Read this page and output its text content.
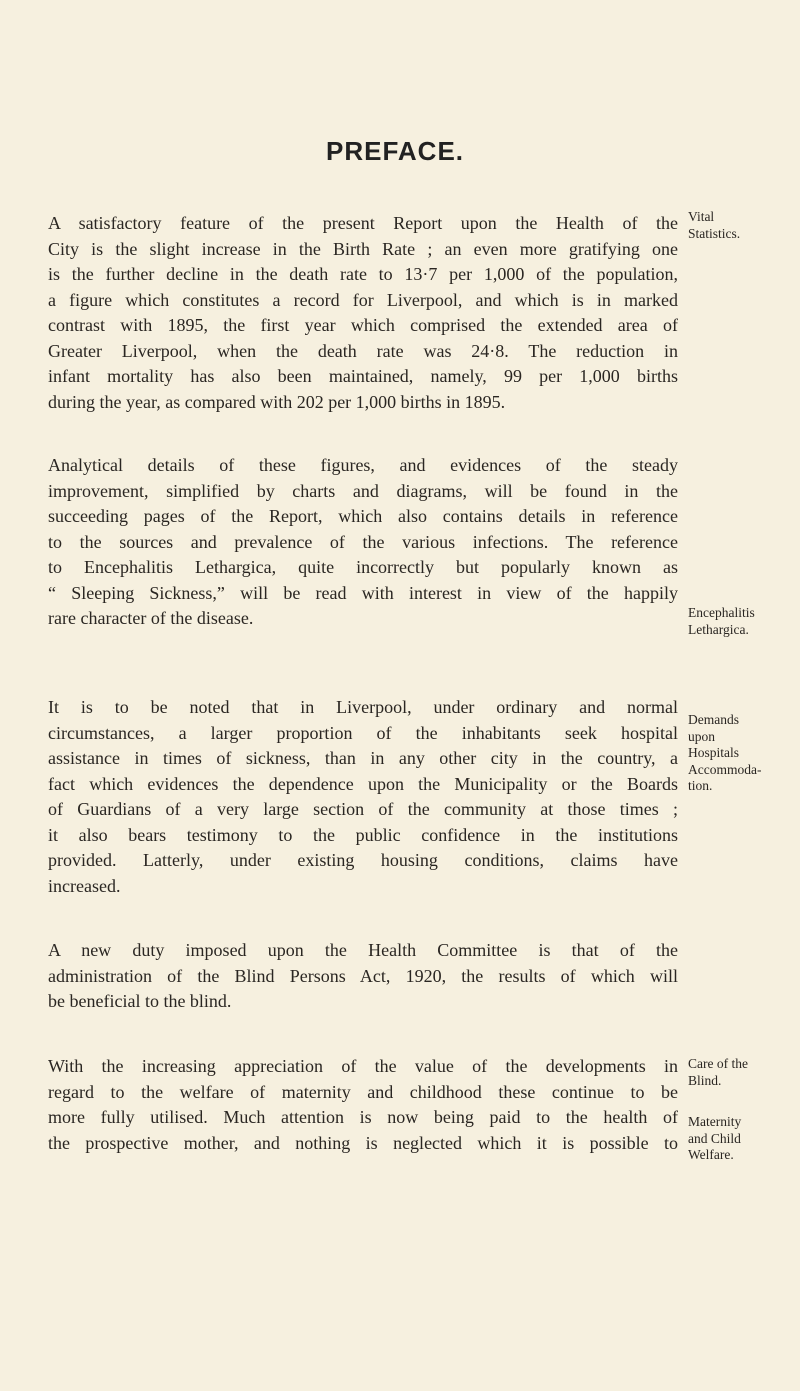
PREFACE.
A satisfactory feature of the present Report upon the Health of the
City is the slight increase in the Birth Rate ; an even more gratifying one
is the further decline in the death rate to 13·7 per 1,000 of the population,
a figure which constitutes a record for Liverpool, and which is in marked
contrast with 1895, the first year which comprised the extended area of
Greater Liverpool, when the death rate was 24·8. The reduction in
infant mortality has also been maintained, namely, 99 per 1,000 births
during the year, as compared with 202 per 1,000 births in 1895.
Analytical details of these figures, and evidences of the steady
improvement, simplified by charts and diagrams, will be found in the
succeeding pages of the Report, which also contains details in reference
to the sources and prevalence of the various infections. The reference
to Encephalitis Lethargica, quite incorrectly but popularly known as
“ Sleeping Sickness,” will be read with interest in view of the happily
rare character of the disease.
It is to be noted that in Liverpool, under ordinary and normal
circumstances, a larger proportion of the inhabitants seek hospital
assistance in times of sickness, than in any other city in the country, a
fact which evidences the dependence upon the Municipality or the Boards
of Guardians of a very large section of the community at those times ;
it also bears testimony to the public confidence in the institutions
provided. Latterly, under existing housing conditions, claims have
increased.
A new duty imposed upon the Health Committee is that of the
administration of the Blind Persons Act, 1920, the results of which will
be beneficial to the blind.
With the increasing appreciation of the value of the developments in
regard to the welfare of maternity and childhood these continue to be
more fully utilised. Much attention is now being paid to the health of
the prospective mother, and nothing is neglected which it is possible to
Vital
Statistics.
Encephalitis
Lethargica.
Demands
upon
Hospitals
Accommoda-
tion.
Care of the
Blind.
Maternity
and Child
Welfare.
